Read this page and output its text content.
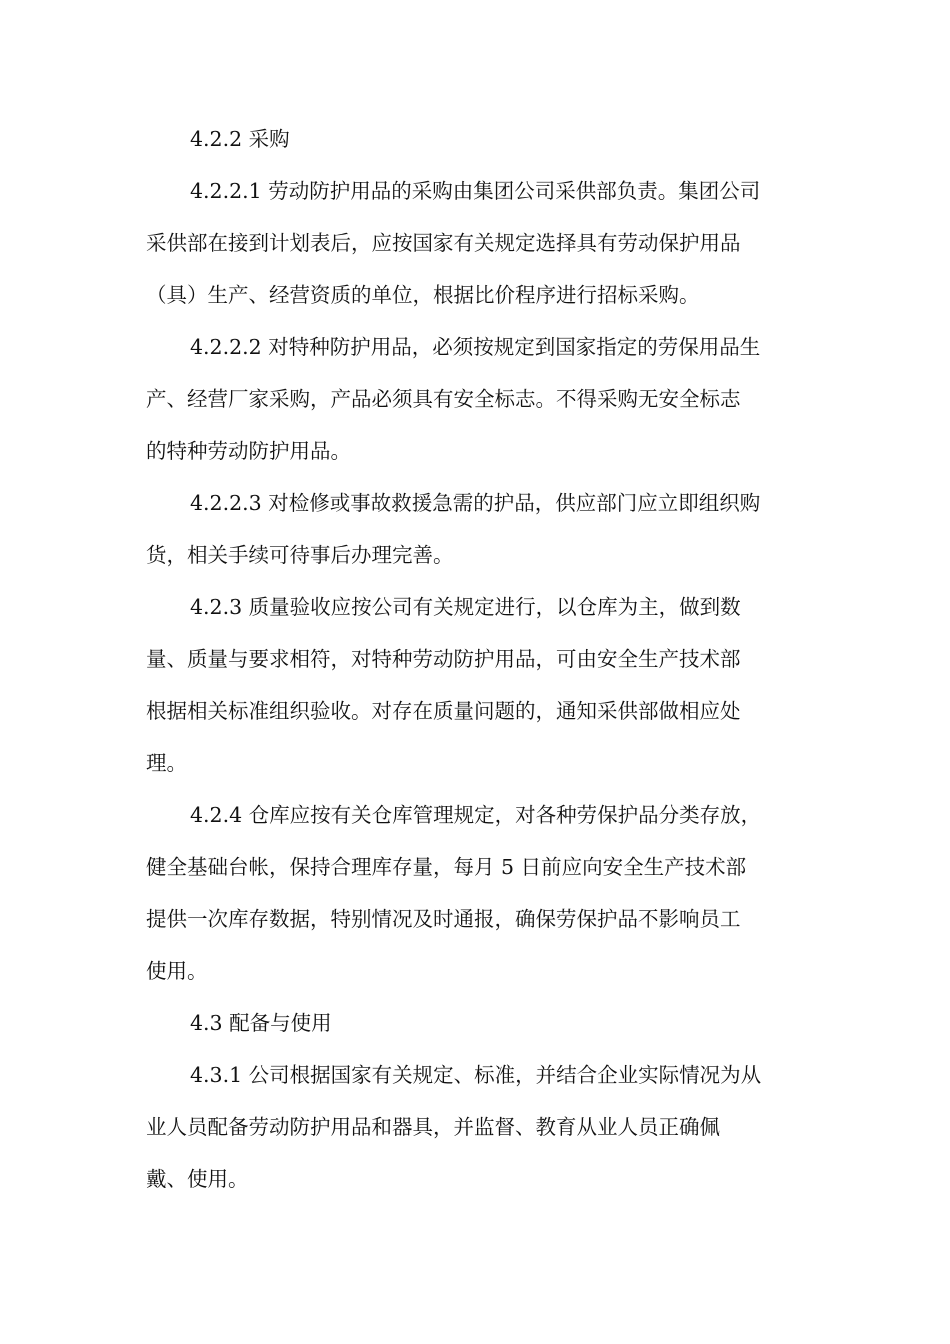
4.2.2 采购
4.2.2.1 劳动防护用品的采购由集团公司采供部负责。集团公司
采供部在接到计划表后，应按国家有关规定选择具有劳动保护用品
（具）生产、经营资质的单位，根据比价程序进行招标采购。
4.2.2.2 对特种防护用品，必须按规定到国家指定的劳保用品生
产、经营厂家采购，产品必须具有安全标志。不得采购无安全标志
的特种劳动防护用品。
4.2.2.3 对检修或事故救援急需的护品，供应部门应立即组织购
货，相关手续可待事后办理完善。
4.2.3 质量验收应按公司有关规定进行，以仓库为主，做到数
量、质量与要求相符，对特种劳动防护用品，可由安全生产技术部
根据相关标准组织验收。对存在质量问题的，通知采供部做相应处
理。
4.2.4 仓库应按有关仓库管理规定，对各种劳保护品分类存放，
健全基础台帐，保持合理库存量，每月 5 日前应向安全生产技术部
提供一次库存数据，特别情况及时通报，确保劳保护品不影响员工
使用。
4.3 配备与使用
4.3.1 公司根据国家有关规定、标准，并结合企业实际情况为从
业人员配备劳动防护用品和器具，并监督、教育从业人员正确佩
戴、使用。
